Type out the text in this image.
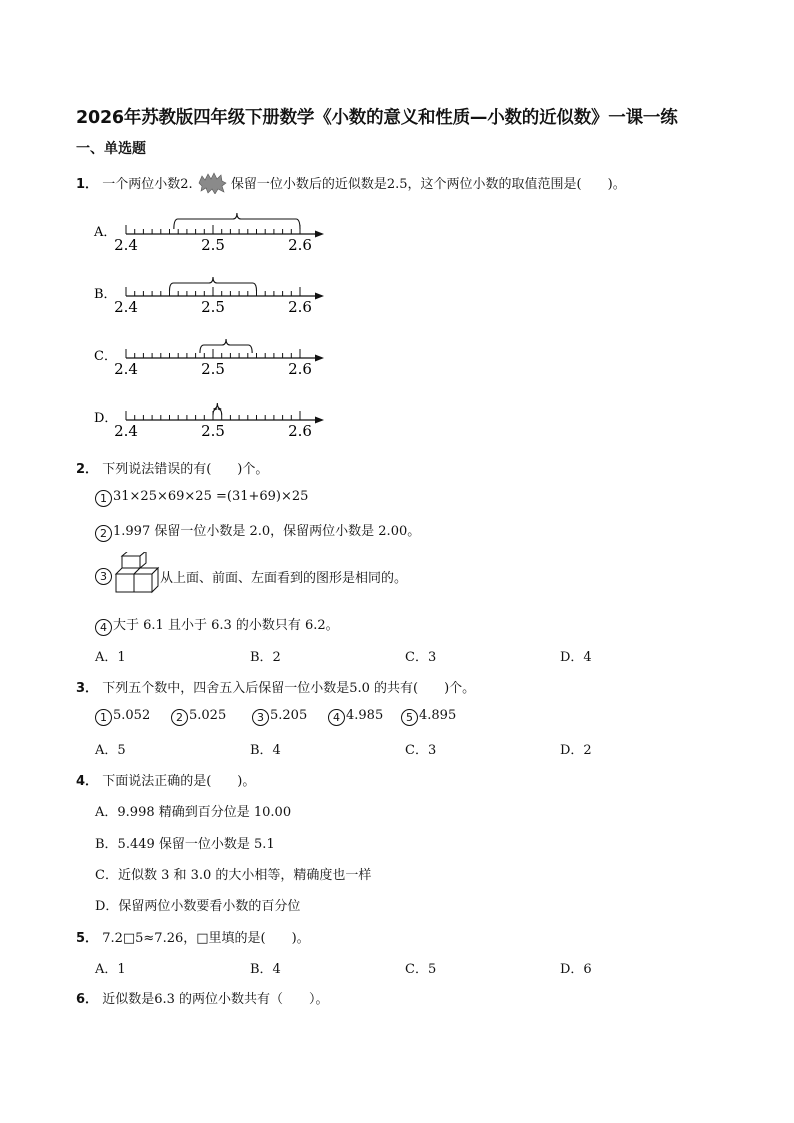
2026年苏教版四年级下册数学《小数的意义和性质—小数的近似数》一课一练
一、单选题
1． 一个两位小数2.	保留一位小数后的近似数是2.5，这个两位小数的取值范围是(　　)。
A．
2.4	2.5	2.6
B．
2.4	2.5	2.6
C．
2.4	2.5	2.6
D．
2.4	2.5	2.6
2． 下列说法错误的有(　　)个。
1 31×25×69×25 =(31+69)×25
2 1.997 保留一位小数是 2.0，保留两位小数是 2.00。
3	从上面、前面、左面看到的图形是相同的。
4 大于 6.1 且小于 6.3 的小数只有 6.2。
A．1	B．2	C．3	D．4
3． 下列五个数中，四舍五入后保留一位小数是5.0 的共有(　　)个。
1 5.052	2 5.025	3 5.205	4 4.985	5 4.895
A．5	B．4	C．3	D．2
4． 下面说法正确的是(　　)。
A．9.998 精确到百分位是 10.00
B．5.449 保留一位小数是 5.1
C．近似数 3 和 3.0 的大小相等，精确度也一样
D．保留两位小数要看小数的百分位
5． 7.2□5≈7.26，□里填的是(　　)。
A．1	B．4	C．5	D．6
6． 近似数是6.3 的两位小数共有（　　）。
